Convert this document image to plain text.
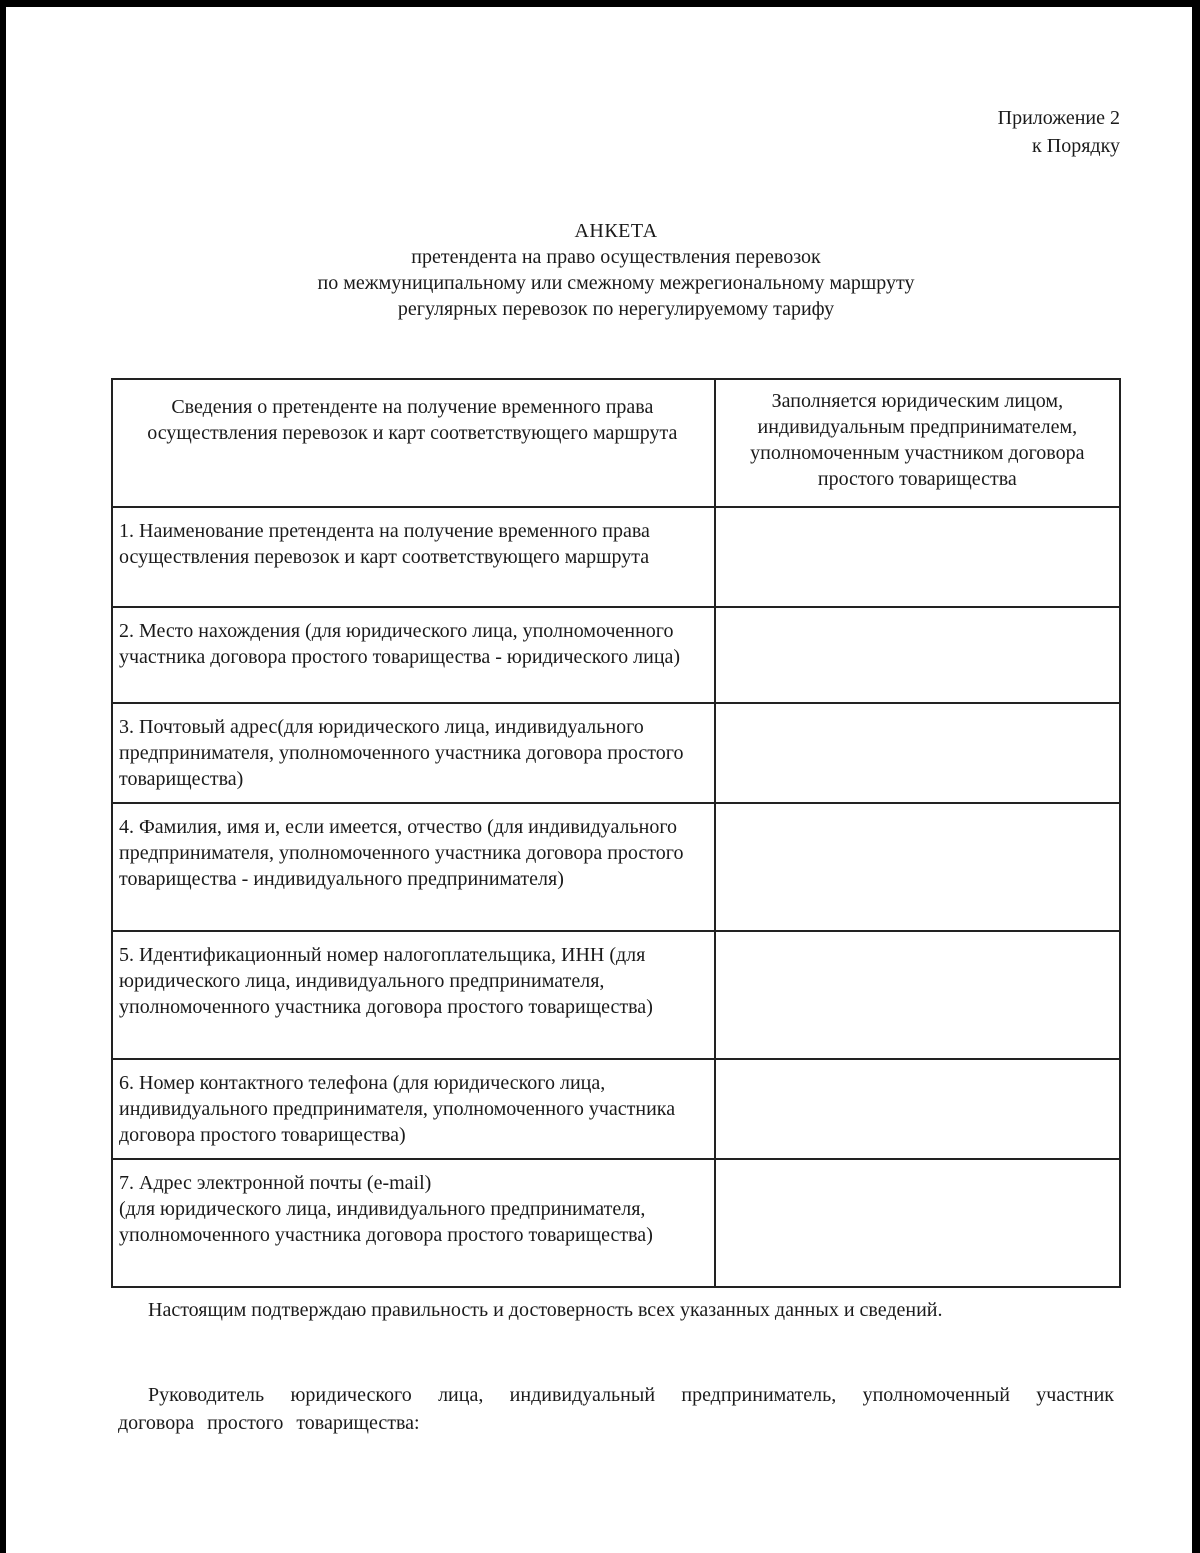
Приложение 2
к Порядку
АНКЕТА
претендента на право осуществления перевозок
по межмуниципальному или смежному межрегиональному маршруту
регулярных перевозок по нерегулируемому тарифу
Сведения о претенденте на получение временного права осуществления перевозок и карт соответствующего маршрута	Заполняется юридическим лицом, индивидуальным предпринимателем, уполномоченным участником договора простого товарищества
1. Наименование претендента на получение временного права осуществления перевозок и карт соответствующего маршрута	
2. Место нахождения (для юридического лица, уполномоченного участника договора простого товарищества - юридического лица)	
3. Почтовый адрес(для юридического лица, индивидуального предпринимателя, уполномоченного участника договора простого товарищества)	
4. Фамилия, имя и, если имеется, отчество (для индивидуального предпринимателя, уполномоченного участника договора простого товарищества - индивидуального предпринимателя)	
5. Идентификационный номер налогоплательщика, ИНН (для юридического лица, индивидуального предпринимателя, уполномоченного участника договора простого товарищества)	
6. Номер контактного телефона (для юридического лица, индивидуального предпринимателя, уполномоченного участника договора простого товарищества)	

7. Адрес электронной почты (e-mail)
(для юридического лица, индивидуального предпринимателя, уполномоченного участника договора простого товарищества)	

Настоящим подтверждаю правильность и достоверность всех указанных данных и сведений.
Руководитель юридического лица, индивидуальный предприниматель, уполномоченный участник договора простого товарищества:
